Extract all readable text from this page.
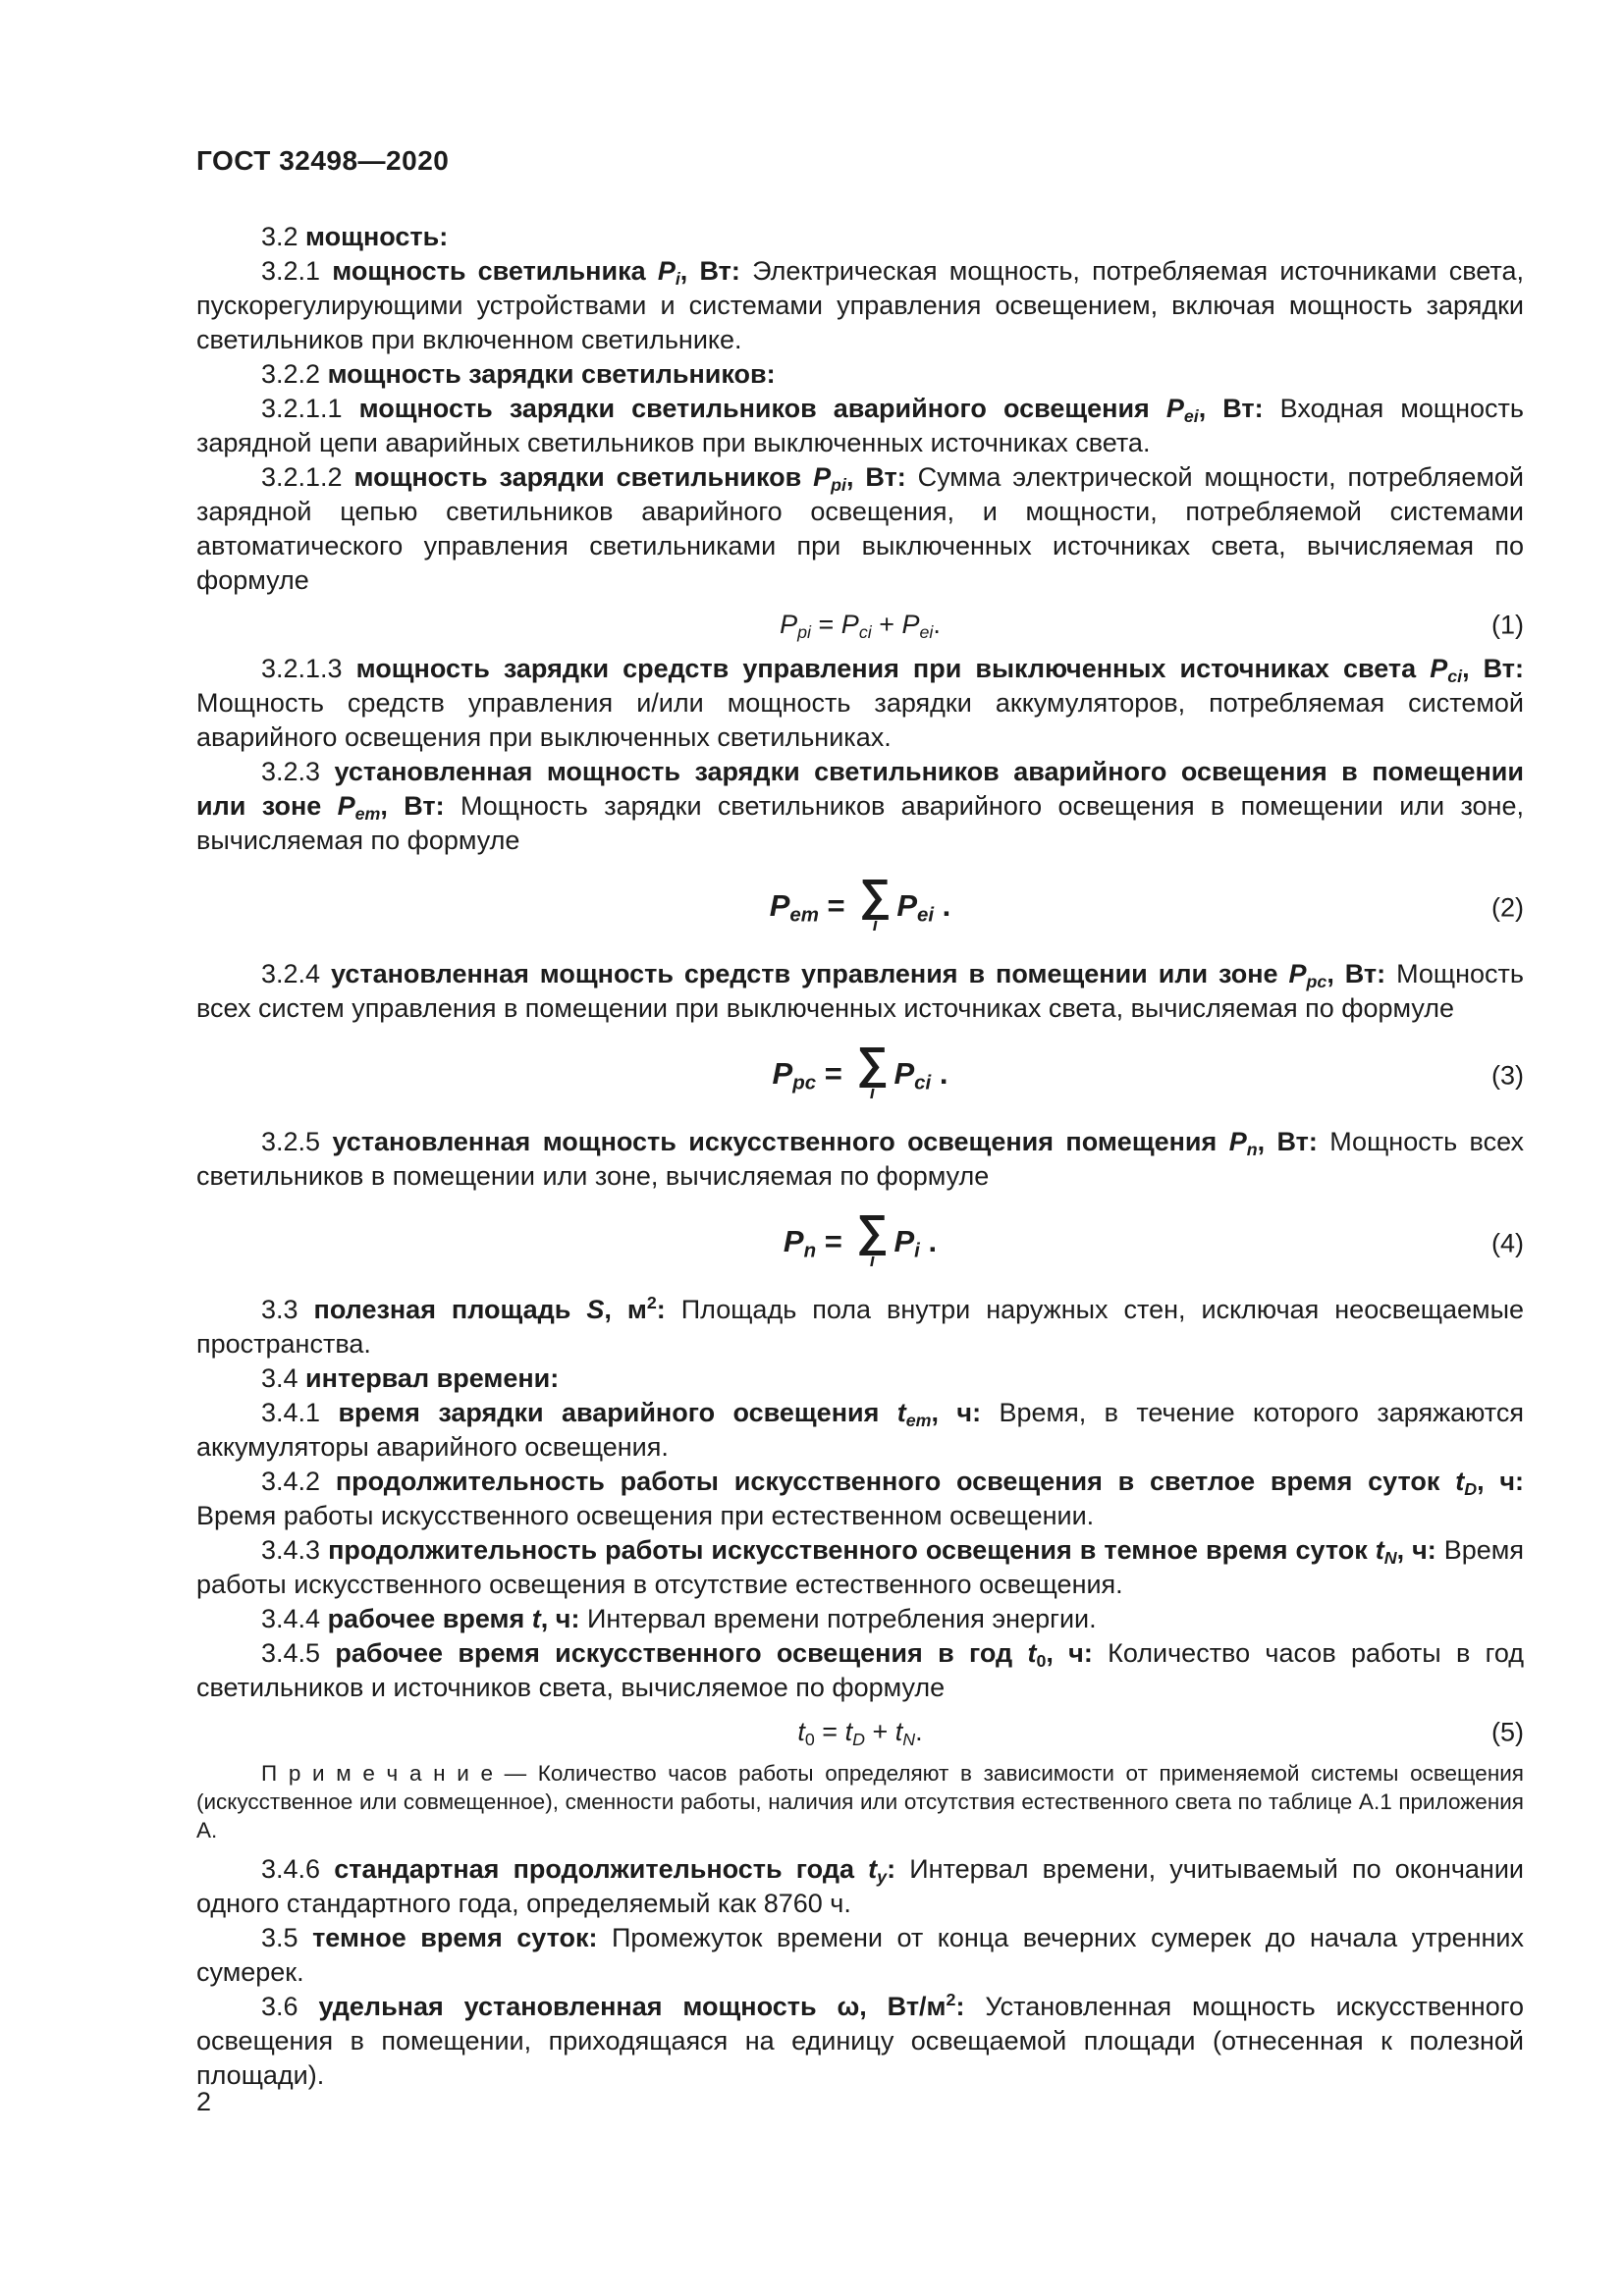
ГОСТ 32498—2020

3.2 мощность:

3.2.1 мощность светильника $P_i$, Вт: Электрическая мощность, потребляемая источниками света, пускорегулирующими устройствами и системами управления освещением, включая мощность зарядки светильников при включенном светильнике.

3.2.2 мощность зарядки светильников:

3.2.1.1 мощность зарядки светильников аварийного освещения $P_{ei}$, Вт: Входная мощность зарядной цепи аварийных светильников при выключенных источниках света.

3.2.1.2 мощность зарядки светильников $P_{pi}$, Вт: Сумма электрической мощности, потребляемой зарядной цепью светильников аварийного освещения, и мощности, потребляемой системами автоматического управления светильниками при выключенных источниках света, вычисляемая по формуле

$P_{pi} = P_{ci} + P_{ei}$.	(1)

3.2.1.3 мощность зарядки средств управления при выключенных источниках света $P_{ci}$, Вт: Мощность средств управления и/или мощность зарядки аккумуляторов, потребляемая системой аварийного освещения при выключенных светильниках.

3.2.3 установленная мощность зарядки светильников аварийного освещения в помещении или зоне $P_{em}$, Вт: Мощность зарядки светильников аварийного освещения в помещении или зоне, вычисляемая по формуле

$P_{em}$ = ∑
i
$P_{ei}$ .	(2)

3.2.4 установленная мощность средств управления в помещении или зоне $P_{pc}$, Вт: Мощность всех систем управления в помещении при выключенных источниках света, вычисляемая по формуле

$P_{pc}$ = ∑
i
$P_{ci}$ .	(3)

3.2.5 установленная мощность искусственного освещения помещения $P_n$, Вт: Мощность всех светильников в помещении или зоне, вычисляемая по формуле

$P_n$ = ∑
i
$P_i$ .	(4)

3.3 полезная площадь S, $м^2$: Площадь пола внутри наружных стен, исключая неосвещаемые пространства.

3.4 интервал времени:

3.4.1 время зарядки аварийного освещения $t_{em}$, ч: Время, в течение которого заряжаются аккумуляторы аварийного освещения.

3.4.2 продолжительность работы искусственного освещения в светлое время суток $t_D$, ч: Время работы искусственного освещения при естественном освещении.

3.4.3 продолжительность работы искусственного освещения в темное время суток $t_N$, ч: Время работы искусственного освещения в отсутствие естественного освещения.

3.4.4 рабочее время t, ч: Интервал времени потребления энергии.

3.4.5 рабочее время искусственного освещения в год $t_0$, ч: Количество часов работы в год светильников и источников света, вычисляемое по формуле

$t_0 = t_D + t_N$.	(5)

П р и м е ч а н и е — Количество часов работы определяют в зависимости от применяемой системы освещения (искусственное или совмещенное), сменности работы, наличия или отсутствия естественного света по таблице А.1 приложения А.

3.4.6 стандартная продолжительность года $t_y$: Интервал времени, учитываемый по окончании одного стандартного года, определяемый как 8760 ч.

3.5 темное время суток: Промежуток времени от конца вечерних сумерек до начала утренних сумерек.

3.6 удельная установленная мощность ω, $Вт/м^2$: Установленная мощность искусственного освещения в помещении, приходящаяся на единицу освещаемой площади (отнесенная к полезной площади).

2
